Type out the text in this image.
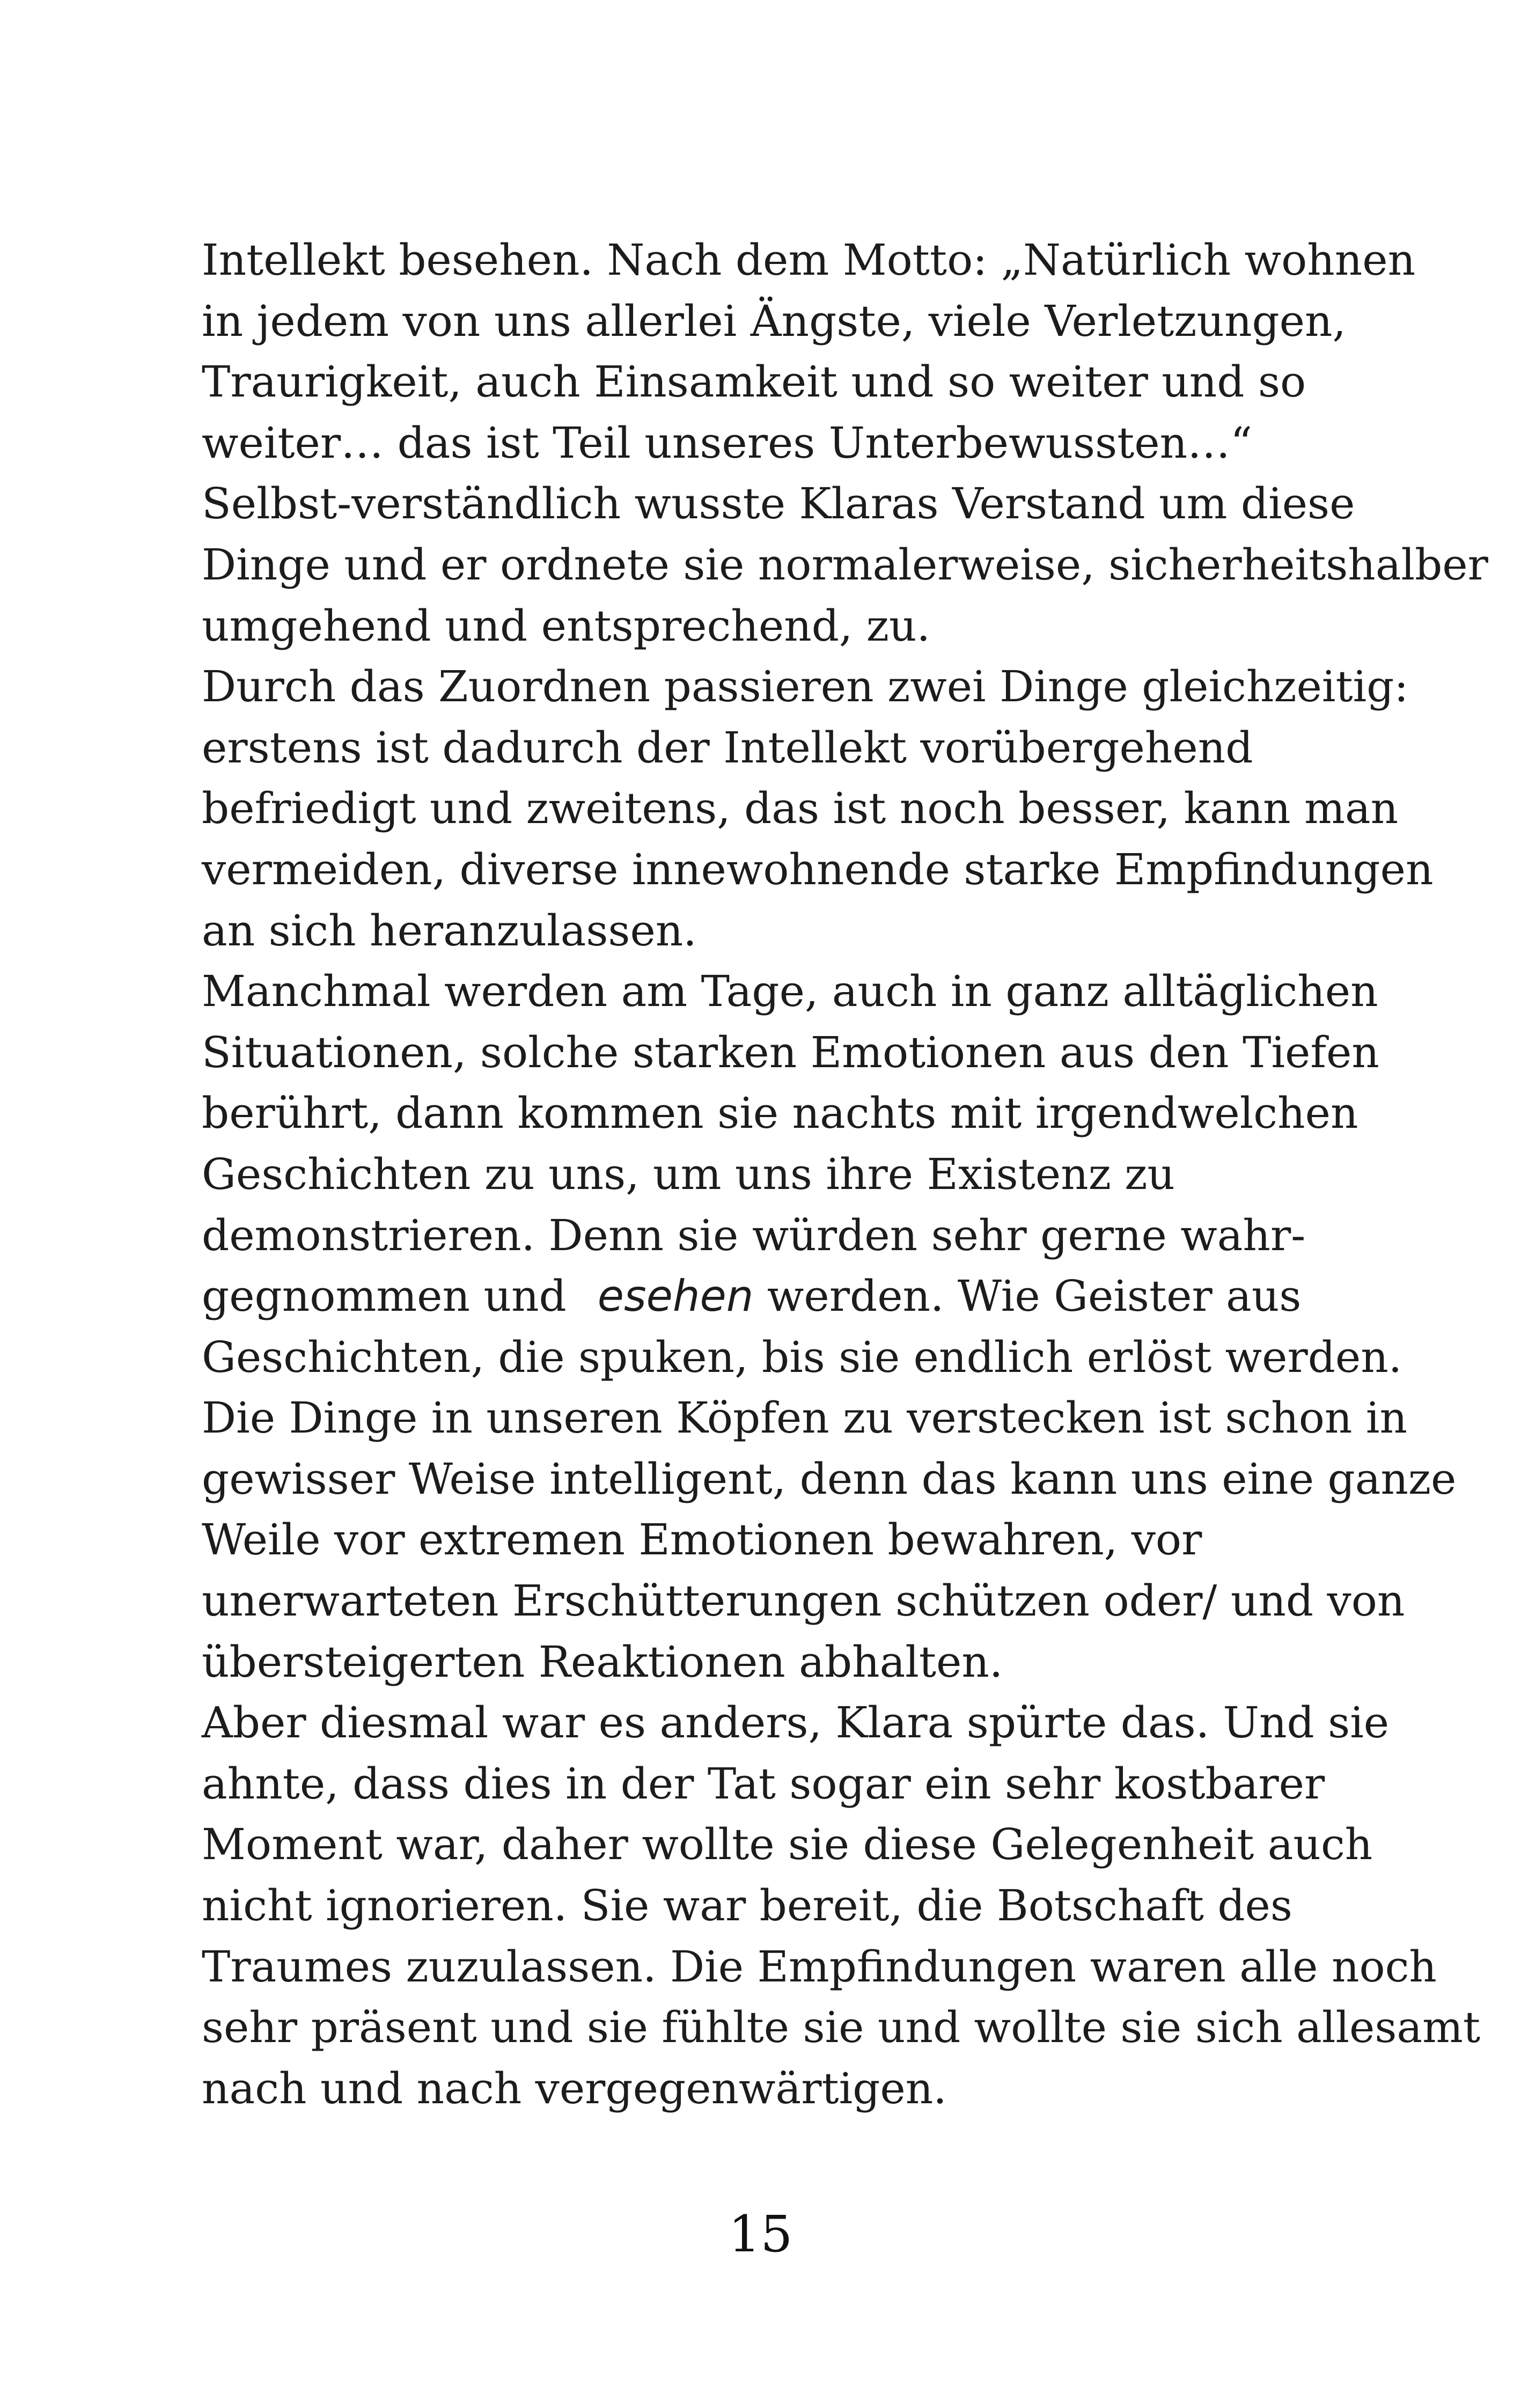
Intellekt besehen. Nach dem Motto: „Natürlich wohnen
in jedem von uns allerlei Ängste, viele Verletzungen,
Traurigkeit, auch Einsamkeit und so weiter und so
weiter… das ist Teil unseres Unterbewussten…“
Selbst-verständlich wusste Klaras Verstand um diese
Dinge und er ordnete sie normalerweise, sicherheitshalber
umgehend und entsprechend, zu.
Durch das Zuordnen passieren zwei Dinge gleichzeitig:
erstens ist dadurch der Intellekt vorübergehend
befriedigt und zweitens, das ist noch besser, kann man
vermeiden, diverse innewohnende starke Empfindungen
an sich heranzulassen.
Manchmal werden am Tage, auch in ganz alltäglichen
Situationen, solche starken Emotionen aus den Tiefen
berührt, dann kommen sie nachts mit irgendwelchen
Geschichten zu uns, um uns ihre Existenz zu
demonstrieren. Denn sie würden sehr gerne wahr-
gegnommen und esehen werden. Wie Geister aus
Geschichten, die spuken, bis sie endlich erlöst werden.
Die Dinge in unseren Köpfen zu verstecken ist schon in
gewisser Weise intelligent, denn das kann uns eine ganze
Weile vor extremen Emotionen bewahren, vor
unerwarteten Erschütterungen schützen oder/ und von
übersteigerten Reaktionen abhalten.
Aber diesmal war es anders, Klara spürte das. Und sie
ahnte, dass dies in der Tat sogar ein sehr kostbarer
Moment war, daher wollte sie diese Gelegenheit auch
nicht ignorieren. Sie war bereit, die Botschaft des
Traumes zuzulassen. Die Empfindungen waren alle noch
sehr präsent und sie fühlte sie und wollte sie sich allesamt
nach und nach vergegenwärtigen.
15
